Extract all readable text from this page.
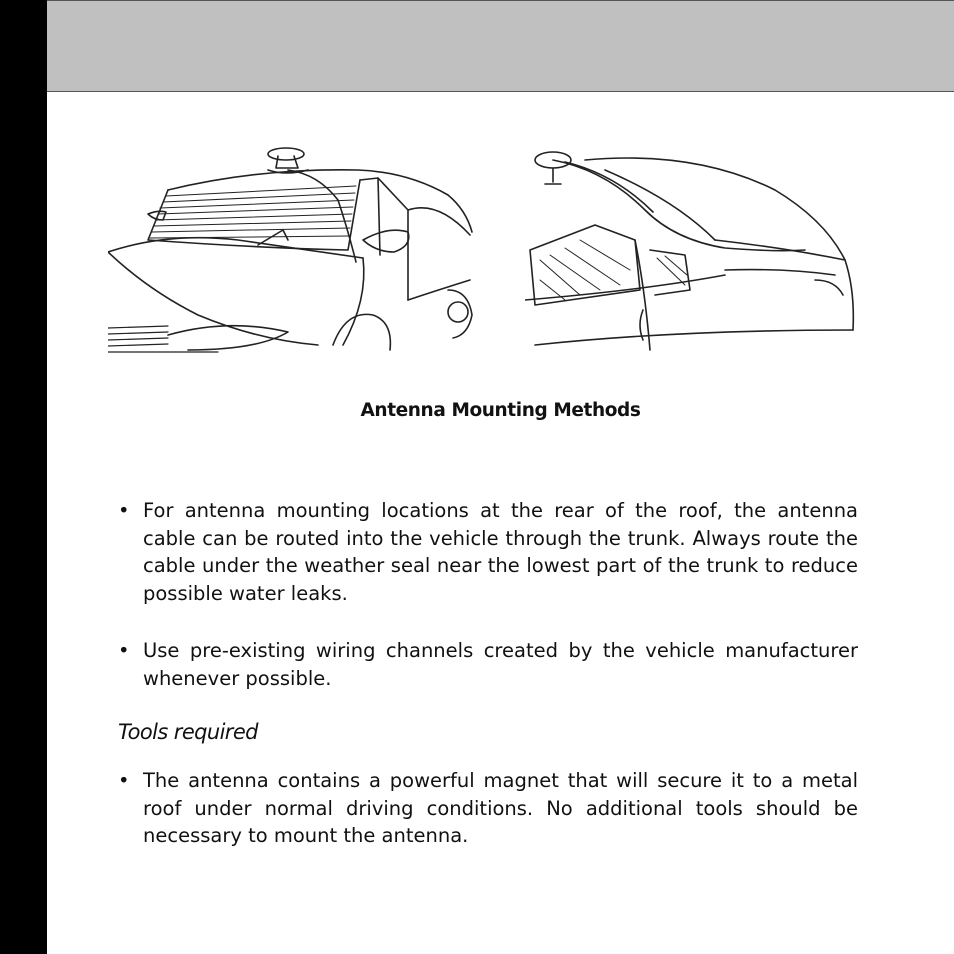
Antenna Mounting Methods
• For antenna mounting locations at the rear of the roof, the antenna cable can be routed into the vehicle through the trunk. Always route the cable under the weather seal near the lowest part of the trunk to reduce possible water leaks.
• Use pre-existing wiring channels created by the vehicle manufacturer whenever possible.
Tools required
• The antenna contains a powerful magnet that will secure it to a metal roof under normal driving conditions. No additional tools should be necessary to mount the antenna.
